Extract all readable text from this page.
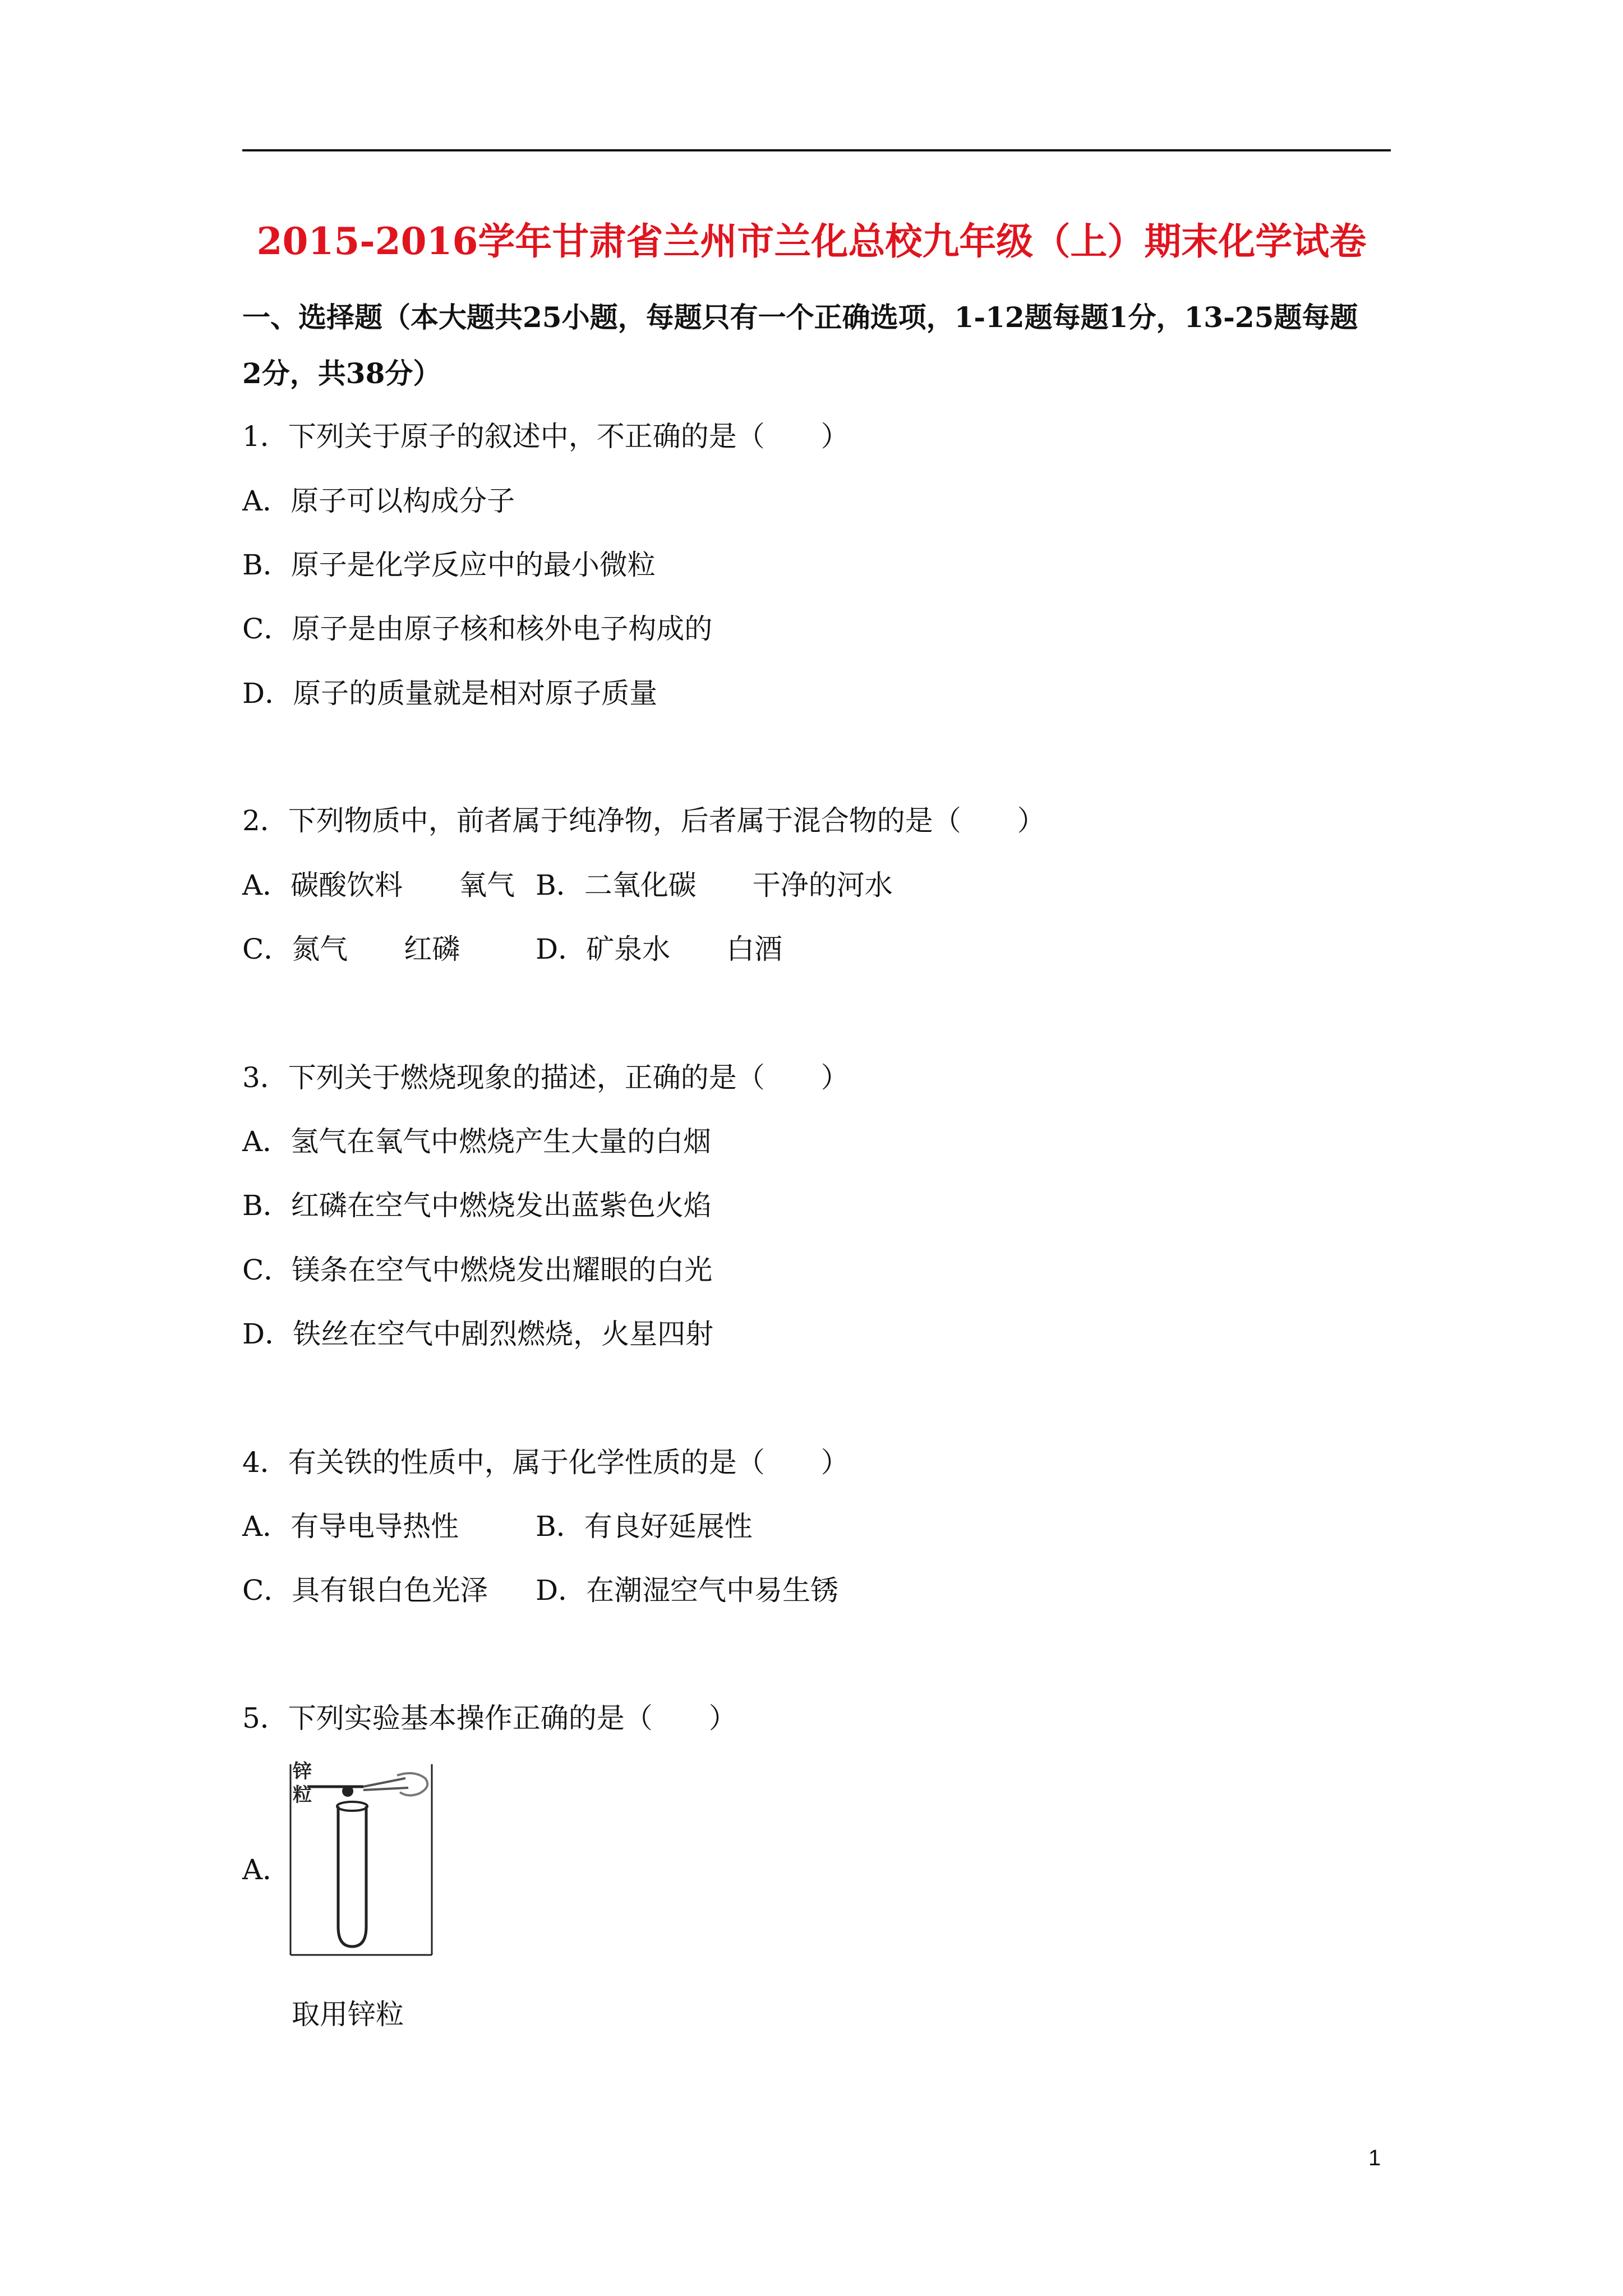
2015-2016学年甘肃省兰州市兰化总校九年级（上）期末化学试卷
一、选择题（本大题共25小题，每题只有一个正确选项，1-12题每题1分，13-25题每题
2分，共38分）
1．下列关于原子的叙述中，不正确的是（　　）
A．原子可以构成分子
B．原子是化学反应中的最小微粒
C．原子是由原子核和核外电子构成的
D．原子的质量就是相对原子质量
2．下列物质中，前者属于纯净物，后者属于混合物的是（　　）
A．碳酸饮料　　氧气 B．二氧化碳　　干净的河水
C．氮气　　红磷	D．矿泉水　　白酒
3．下列关于燃烧现象的描述，正确的是（　　）
A．氢气在氧气中燃烧产生大量的白烟
B．红磷在空气中燃烧发出蓝紫色火焰
C．镁条在空气中燃烧发出耀眼的白光
D．铁丝在空气中剧烈燃烧，火星四射
4．有关铁的性质中，属于化学性质的是（　　）
A．有导电导热性	B．有良好延展性
C．具有银白色光泽 D．在潮湿空气中易生锈
5．下列实验基本操作正确的是（　　）
A．
锌
粒
取用锌粒
1
